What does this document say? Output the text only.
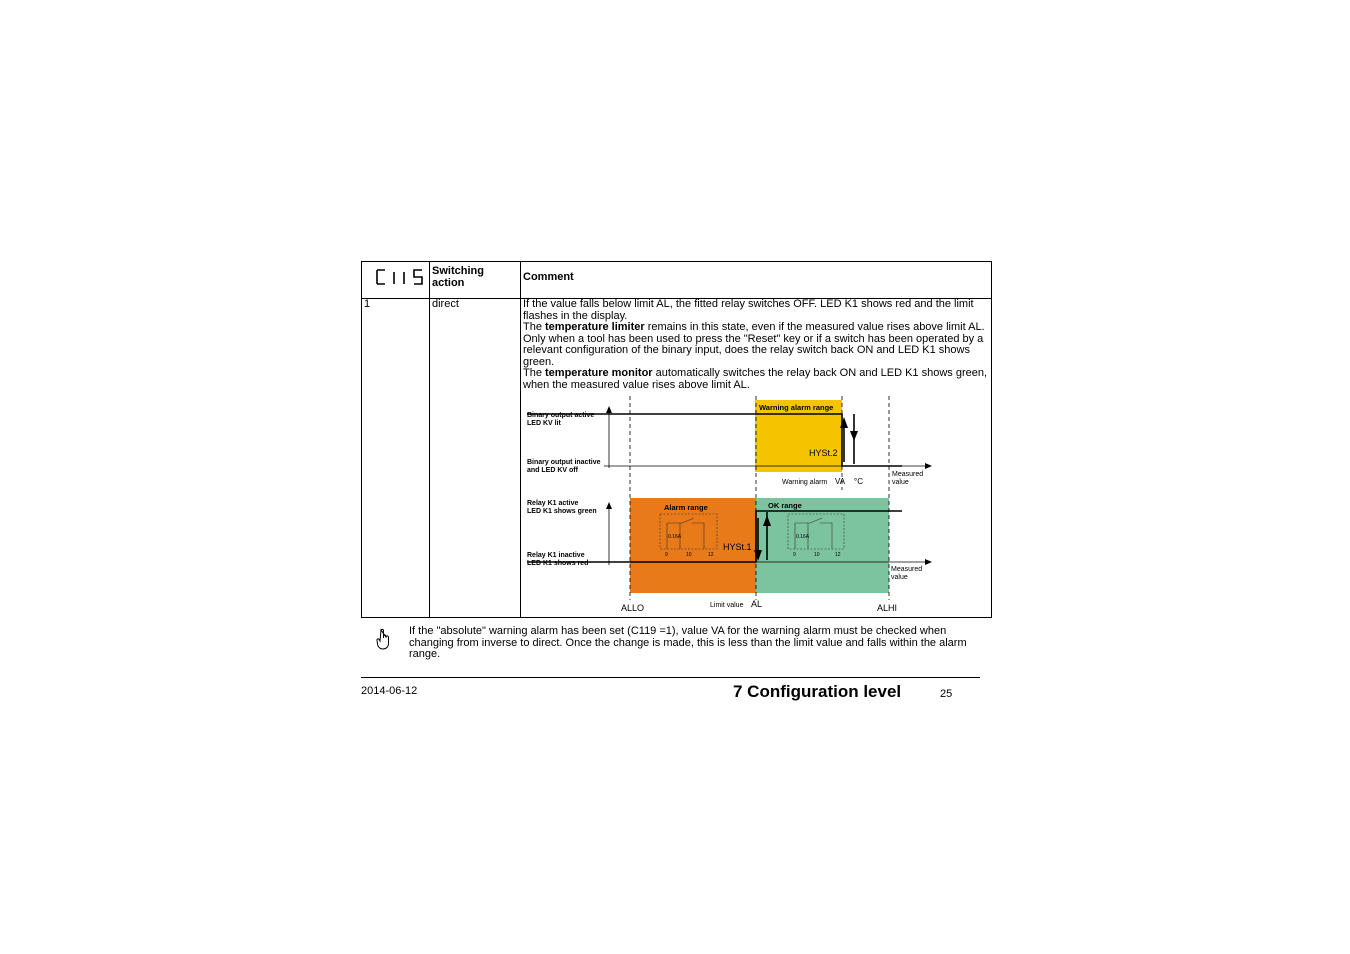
Switching action	Comment
1	direct	If the value falls below limit AL, the fitted relay switches OFF. LED K1 shows red and the limit flashes in the display.

The temperature limiter remains in this state, even if the measured value rises above limit AL. Only when a tool has been used to press the "Reset" key or if a switch has been operated by a relevant configuration of the binary input, does the relay switch back ON and LED K1 shows green.

The temperature monitor automatically switches the relay back ON and LED K1 shows green, when the measured value rises above limit AL.

Binary output active
LED KV lit
Binary output inactive
and LED KV off
Warning alarm range
HYSt.2
Warning alarm VA °C
Measured
value
0.16A	0.16A
9	10	12	9	10	12
Relay K1 active
LED K1 shows green
Relay K1 inactive
LED K1 shows red
Alarm range	OK range
HYSt.1
Measured
value
Limit value
ALLO	AL	ALHI
If the "absolute" warning alarm has been set (C119 =1), value VA for the warning alarm must be checked when changing from inverse to direct. Once the change is made, this is less than the limit value and falls within the alarm range.
2014-06-12	7 Configuration level	25
